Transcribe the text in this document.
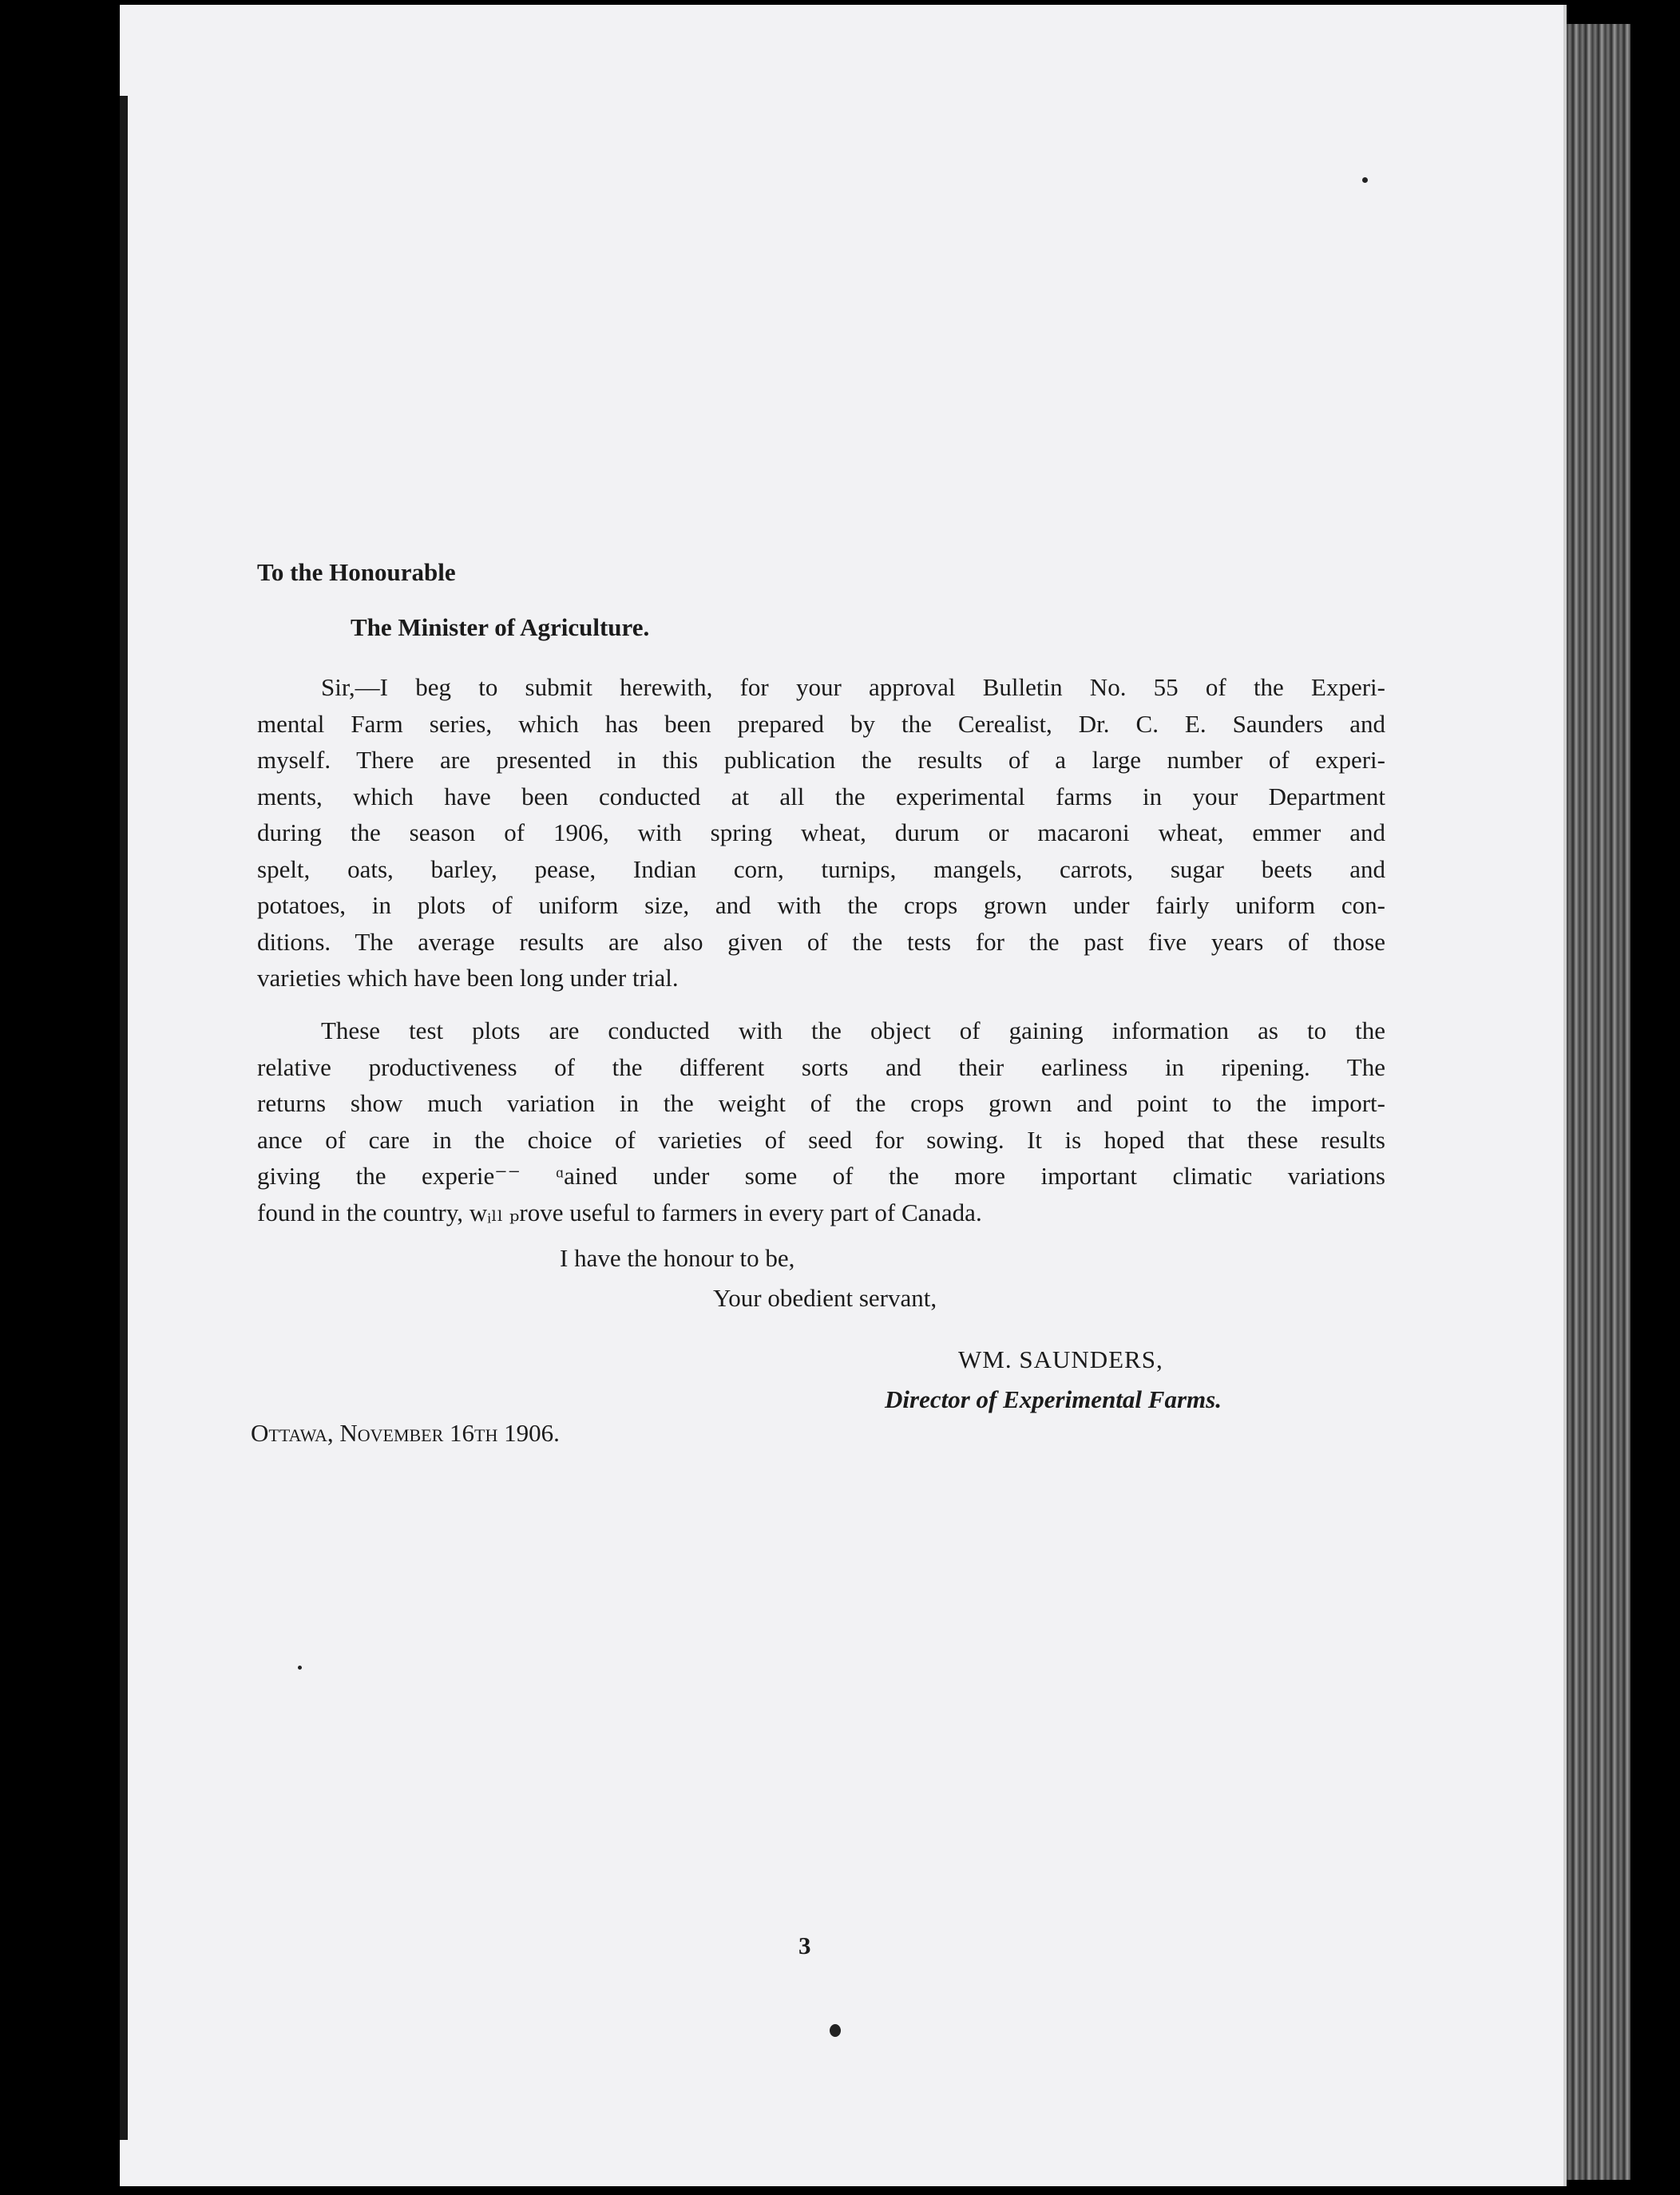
To the Honourable
The Minister of Agriculture.
Sir,—I beg to submit herewith, for your approval Bulletin No. 55 of the Experi-
mental Farm series, which has been prepared by the Cerealist, Dr. C. E. Saunders and
myself. There are presented in this publication the results of a large number of experi-
ments, which have been conducted at all the experimental farms in your Department
during the season of 1906, with spring wheat, durum or macaroni wheat, emmer and
spelt, oats, barley, pease, Indian corn, turnips, mangels, carrots, sugar beets and
potatoes, in plots of uniform size, and with the crops grown under fairly uniform con-
ditions. The average results are also given of the tests for the past five years of those
varieties which have been long under trial.
These test plots are conducted with the object of gaining information as to the
relative productiveness of the different sorts and their earliness in ripening. The
returns show much variation in the weight of the crops grown and point to the import-
ance of care in the choice of varieties of seed for sowing. It is hoped that these results
giving the experie⁻⁻ ᵅained under some of the more important climatic variations
found in the country, wᵢₗₗ ₚrove useful to farmers in every part of Canada.
I have the honour to be,
Your obedient servant,
WM. SAUNDERS,
Director of Experimental Farms.
Ottawa, November 16th 1906.
3
